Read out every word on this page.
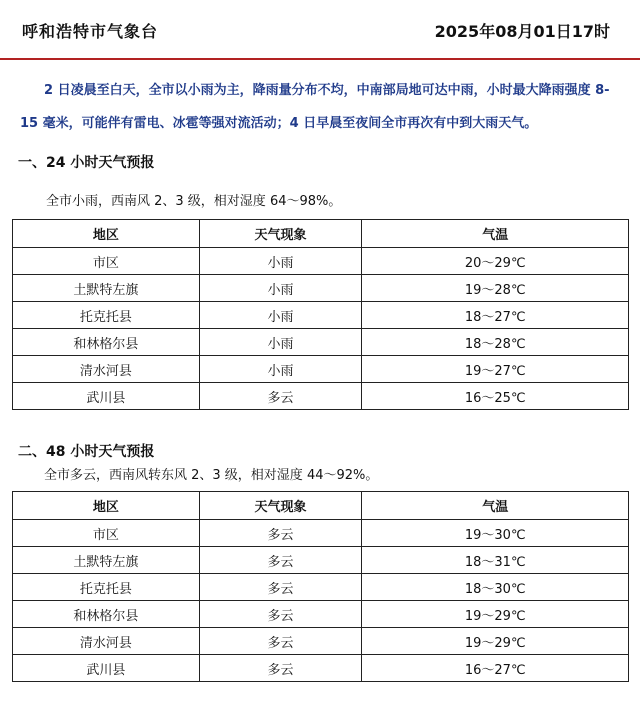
呼和浩特市气象台	2025年08月01日17时

2 日凌晨至白天，全市以小雨为主，降雨量分布不均，中南部局地可达中雨，小时最大降雨强度 8-15 毫米，可能伴有雷电、冰雹等强对流活动；4 日早晨至夜间全市再次有中到大雨天气。

一、24 小时天气预报

全市小雨，西南风 2、3 级，相对湿度 64～98%。

地区	天气现象	气温
市区	小雨	20～29℃
土默特左旗	小雨	19～28℃
托克托县	小雨	18～27℃
和林格尔县	小雨	18～28℃
清水河县	小雨	19～27℃
武川县	多云	16～25℃

二、48 小时天气预报

全市多云，西南风转东风 2、3 级，相对湿度 44～92%。

地区	天气现象	气温
市区	多云	19～30℃
土默特左旗	多云	18～31℃
托克托县	多云	18～30℃
和林格尔县	多云	19～29℃
清水河县	多云	19～29℃
武川县	多云	16～27℃
